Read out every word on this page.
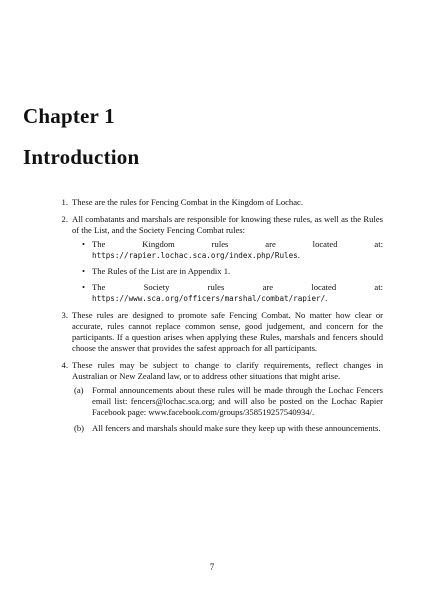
Chapter 1
Introduction
1. These are the rules for Fencing Combat in the Kingdom of Lochac.
2. All combatants and marshals are responsible for knowing these rules, as well as the Rules of the List, and the Society Fencing Combat rules:
• The Kingdom rules are located at: https://rapier.lochac.sca.org/index.php/Rules.
• The Rules of the List are in Appendix 1.
• The Society rules are located at: https://www.sca.org/officers/marshal/combat/rapier/.
3. These rules are designed to promote safe Fencing Combat. No matter how clear or accurate, rules cannot replace common sense, good judgement, and concern for the participants. If a question arises when applying these Rules, marshals and fencers should choose the answer that provides the safest approach for all participants.
4. These rules may be subject to change to clarify requirements, reflect changes in Australian or New Zealand law, or to address other situations that might arise.
(a) Formal announcements about these rules will be made through the Lochac Fencers email list: fencers@lochac.sca.org; and will also be posted on the Lochac Rapier Facebook page: www.facebook.com/groups/358519257540934/.
(b) All fencers and marshals should make sure they keep up with these announcements.
7
